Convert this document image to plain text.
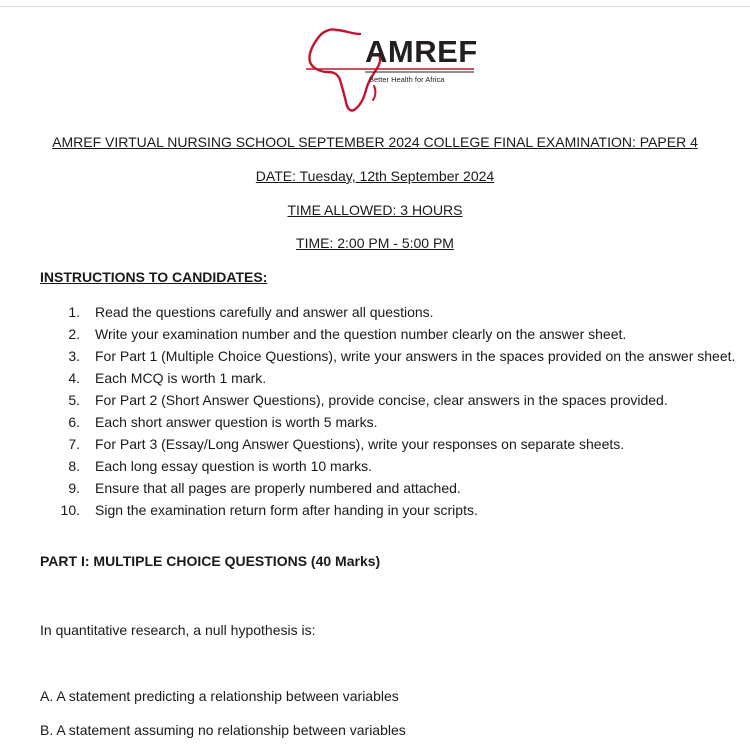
AMREF
Better Health for Africa
AMREF VIRTUAL NURSING SCHOOL SEPTEMBER 2024 COLLEGE FINAL EXAMINATION: PAPER 4
DATE: Tuesday, 12th September 2024
TIME ALLOWED: 3 HOURS
TIME: 2:00 PM - 5:00 PM
INSTRUCTIONS TO CANDIDATES:
1. Read the questions carefully and answer all questions.
2. Write your examination number and the question number clearly on the answer sheet.
3. For Part 1 (Multiple Choice Questions), write your answers in the spaces provided on the answer sheet.
4. Each MCQ is worth 1 mark.
5. For Part 2 (Short Answer Questions), provide concise, clear answers in the spaces provided.
6. Each short answer question is worth 5 marks.
7. For Part 3 (Essay/Long Answer Questions), write your responses on separate sheets.
8. Each long essay question is worth 10 marks.
9. Ensure that all pages are properly numbered and attached.
10. Sign the examination return form after handing in your scripts.
PART I: MULTIPLE CHOICE QUESTIONS (40 Marks)
In quantitative research, a null hypothesis is:
A. A statement predicting a relationship between variables
B. A statement assuming no relationship between variables
